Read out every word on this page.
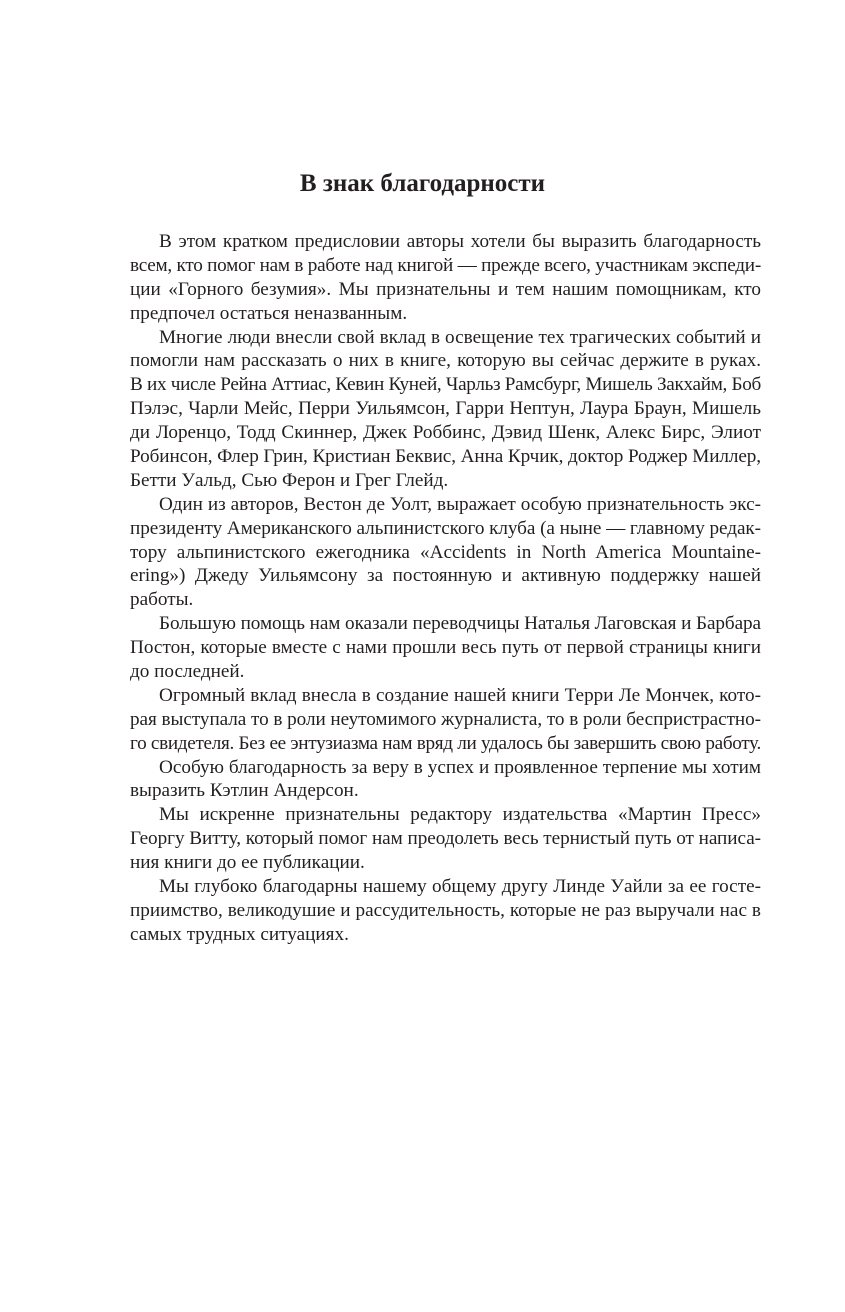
В знак благодарности
В этом кратком предисловии авторы хотели бы выразить благодарность
всем, кто помог нам в работе над книгой — прежде всего, участникам экспеди-
ции «Горного безумия». Мы признательны и тем нашим помощникам, кто
предпочел остаться неназванным.
Многие люди внесли свой вклад в освещение тех трагических событий и
помогли нам рассказать о них в книге, которую вы сейчас держите в руках.
В их числе Рейна Аттиас, Кевин Куней, Чарльз Рамсбург, Мишель Закхайм, Боб
Пэлэс, Чарли Мейс, Перри Уильямсон, Гарри Нептун, Лаура Браун, Мишель
ди Лоренцо, Тодд Скиннер, Джек Роббинс, Дэвид Шенк, Алекс Бирс, Элиот
Робинсон, Флер Грин, Кристиан Беквис, Анна Крчик, доктор Роджер Миллер,
Бетти Уальд, Сью Ферон и Грег Глейд.
Один из авторов, Вестон де Уолт, выражает особую признательность экс-
президенту Американского альпинистского клуба (а ныне — главному редак-
тору альпинистского ежегодника «Accidents in North America Mountaine-
ering») Джеду Уильямсону за постоянную и активную поддержку нашей
работы.
Большую помощь нам оказали переводчицы Наталья Лаговская и Барбара
Постон, которые вместе с нами прошли весь путь от первой страницы книги
до последней.
Огромный вклад внесла в создание нашей книги Терри Ле Мончек, кото-
рая выступала то в роли неутомимого журналиста, то в роли беспристрастно-
го свидетеля. Без ее энтузиазма нам вряд ли удалось бы завершить свою работу.
Особую благодарность за веру в успех и проявленное терпение мы хотим
выразить Кэтлин Андерсон.
Мы искренне признательны редактору издательства «Мартин Пресс»
Георгу Витту, который помог нам преодолеть весь тернистый путь от написа-
ния книги до ее публикации.
Мы глубоко благодарны нашему общему другу Линде Уайли за ее госте-
приимство, великодушие и рассудительность, которые не раз выручали нас в
самых трудных ситуациях.
